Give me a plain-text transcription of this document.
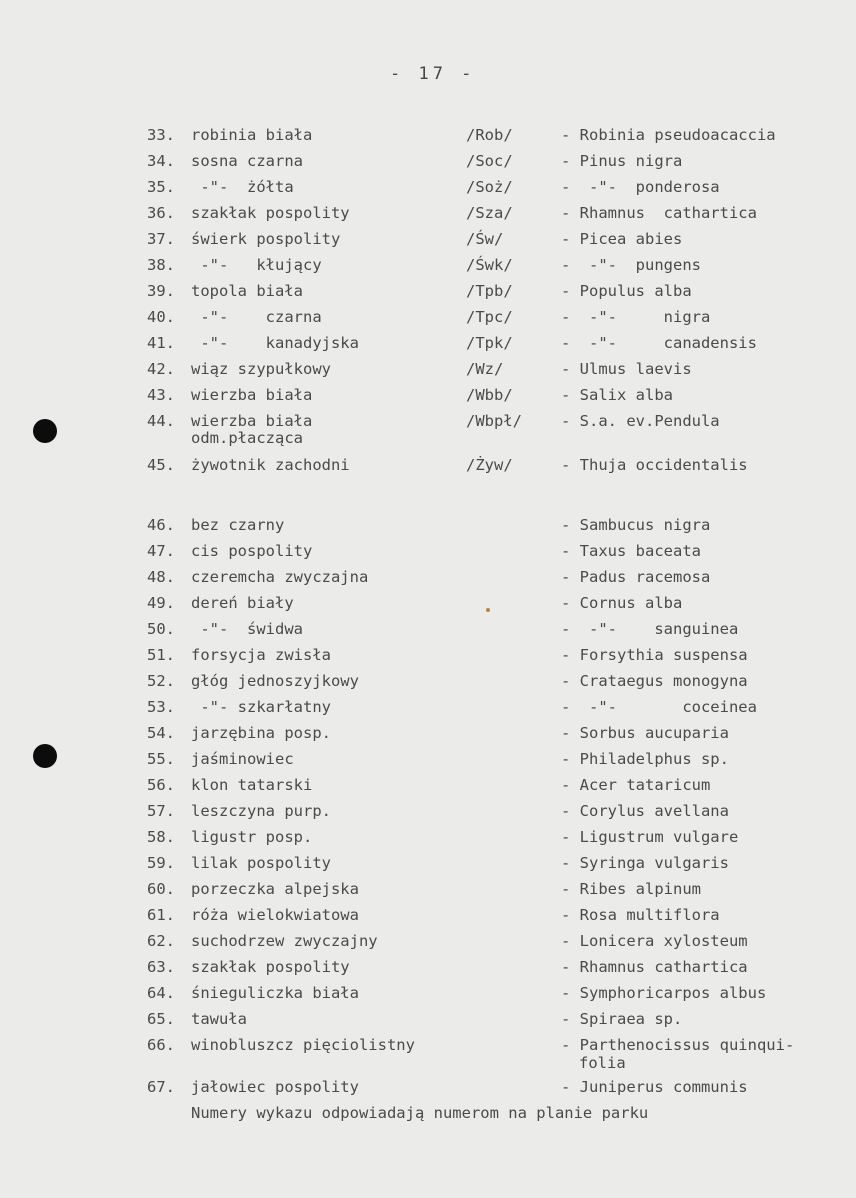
- 17 -
33. robinia biała	/Rob/	- Robinia pseudoacaccia
34. sosna czarna	/Soc/	- Pinus nigra
35. -"-  żółta	/Soż/	-  -"-  ponderosa
36. szakłak pospolity	/Sza/	- Rhamnus  cathartica
37. świerk pospolity	/Św/	- Picea abies
38. -"-   kłujący	/Śwk/	-  -"-  pungens
39. topola biała	/Tpb/	- Populus alba
40. -"-    czarna	/Tpc/	-  -"-     nigra
41. -"-    kanadyjska	/Tpk/	-  -"-     canadensis
42. wiąz szypułkowy	/Wz/	- Ulmus laevis
43. wierzba biała	/Wbb/	- Salix alba
44. wierzba biała	/Wbpł/	- S.a. ev.Pendula
odm.płacząca
45. żywotnik zachodni	/Żyw/	- Thuja occidentalis
46. bez czarny	- Sambucus nigra
47. cis pospolity	- Taxus baceata
48. czeremcha zwyczajna	- Padus racemosa
49. dereń biały	- Cornus alba
50. -"-  świdwa	-  -"-    sanguinea
51. forsycja zwisła	- Forsythia suspensa
52. głóg jednoszyjkowy	- Crataegus monogyna
53. -"- szkarłatny	-  -"-       coceinea
54. jarzębina posp.	- Sorbus aucuparia
55. jaśminowiec	- Philadelphus sp.
56. klon tatarski	- Acer tataricum
57. leszczyna purp.	- Corylus avellana
58. ligustr posp.	- Ligustrum vulgare
59. lilak pospolity	- Syringa vulgaris
60. porzeczka alpejska	- Ribes alpinum
61. róża wielokwiatowa	- Rosa multiflora
62. suchodrzew zwyczajny	- Lonicera xylosteum
63. szakłak pospolity	- Rhamnus cathartica
64. śnieguliczka biała	- Symphoricarpos albus
65. tawuła	- Spiraea sp.
66. winobluszcz pięciolistny	- Parthenocissus quinqui-
folia
67. jałowiec pospolity	- Juniperus communis
Numery wykazu odpowiadają numerom na planie parku
